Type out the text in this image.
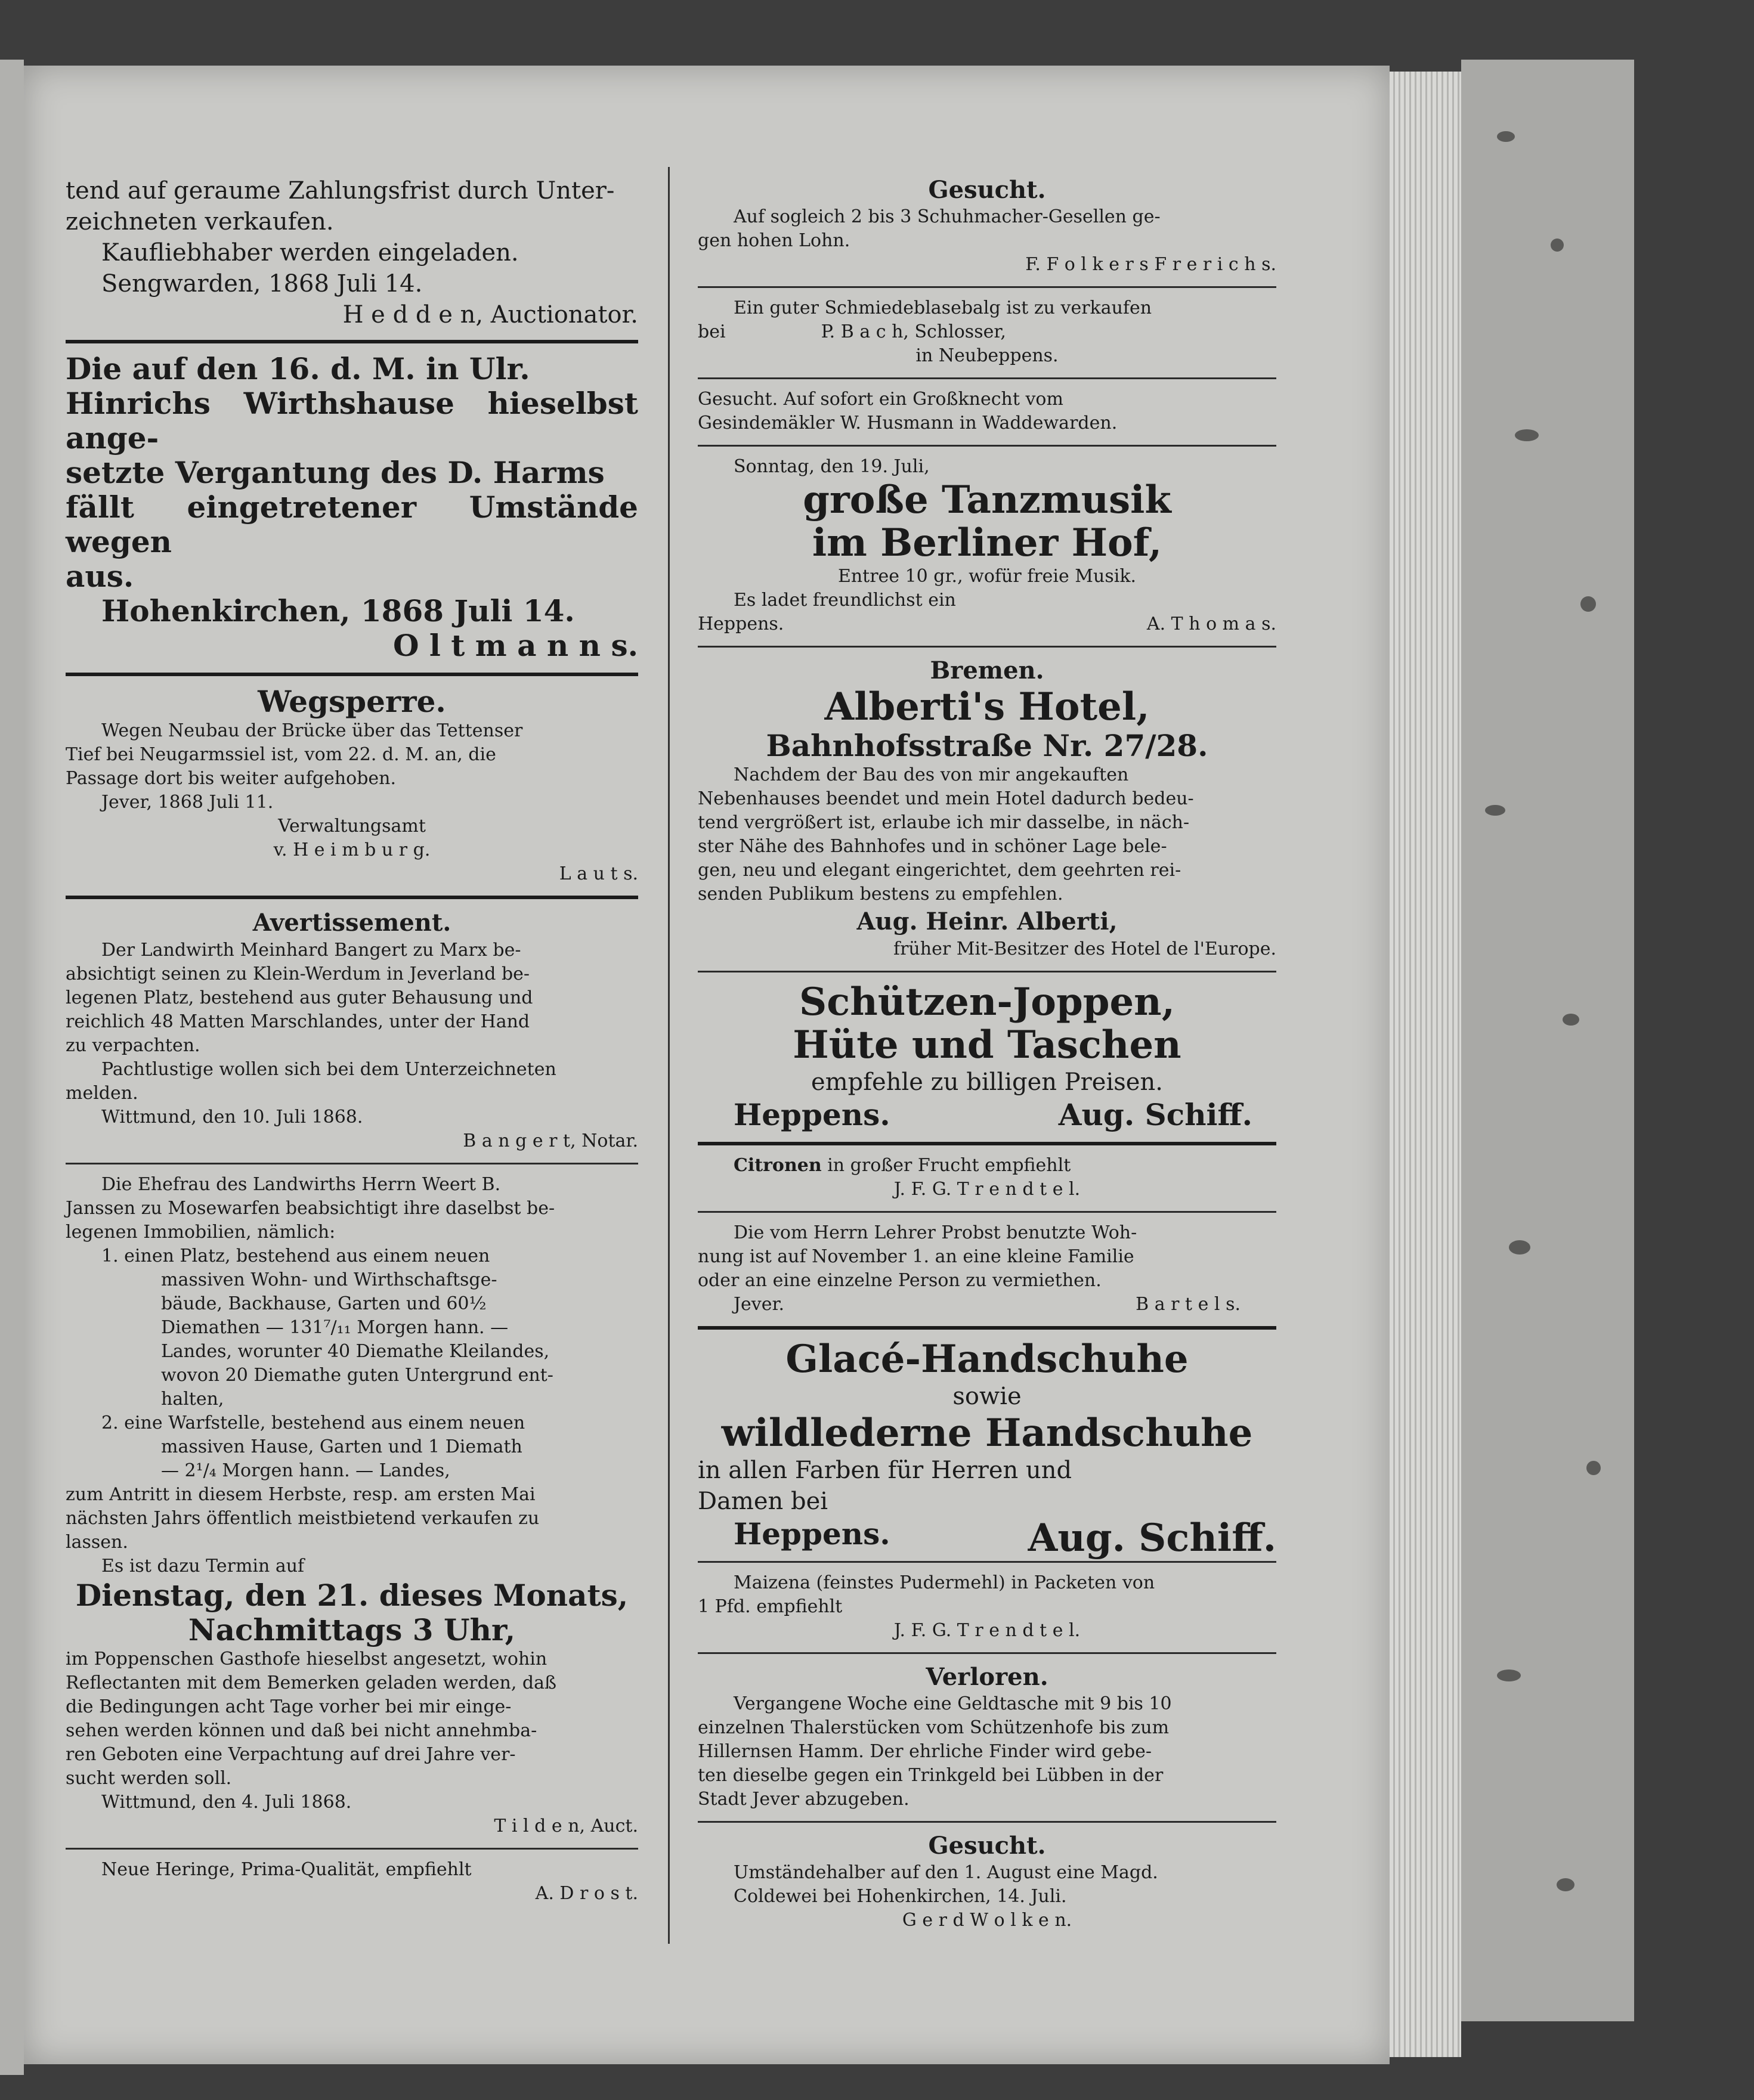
tend auf geraume Zahlungsfrist durch Unter-

zeichneten verkaufen.

Kaufliebhaber werden eingeladen.

Sengwarden, 1868 Juli 14.

H e d d e n, Auctionator.

Die auf den 16. d. M. in Ulr.

Hinrichs Wirthshause hieselbst ange-

setzte Vergantung des D. Harms

fällt eingetretener Umstände wegen

aus.

Hohenkirchen, 1868 Juli 14.

O l t m a n n s.

Wegsperre.

Wegen Neubau der Brücke über das Tettenser

Tief bei Neugarmssiel ist, vom 22. d. M. an, die

Passage dort bis weiter aufgehoben.

Jever, 1868 Juli 11.

Verwaltungsamt

v. H e i m b u r g.

L a u t s.

Avertissement.

Der Landwirth Meinhard Bangert zu Marx be-

absichtigt seinen zu Klein-Werdum in Jeverland be-

legenen Platz, bestehend aus guter Behausung und

reichlich 48 Matten Marschlandes, unter der Hand

zu verpachten.

Pachtlustige wollen sich bei dem Unterzeichneten

melden.

Wittmund, den 10. Juli 1868.

B a n g e r t, Notar.

Die Ehefrau des Landwirths Herrn Weert B.

Janssen zu Mosewarfen beabsichtigt ihre daselbst be-

legenen Immobilien, nämlich:

1. einen Platz, bestehend aus einem neuen

massiven Wohn- und Wirthschaftsge-

bäude, Backhause, Garten und 60½

Diemathen — 131⁷/₁₁ Morgen hann. —

Landes, worunter 40 Diemathe Kleilandes,

wovon 20 Diemathe guten Untergrund ent-

halten,

2. eine Warfstelle, bestehend aus einem neuen

massiven Hause, Garten und 1 Diemath

— 2¹/₄ Morgen hann. — Landes,

zum Antritt in diesem Herbste, resp. am ersten Mai

nächsten Jahrs öffentlich meistbietend verkaufen zu

lassen.

Es ist dazu Termin auf

Dienstag, den 21. dieses Monats,

Nachmittags 3 Uhr,

im Poppenschen Gasthofe hieselbst angesetzt, wohin

Reflectanten mit dem Bemerken geladen werden, daß

die Bedingungen acht Tage vorher bei mir einge-

sehen werden können und daß bei nicht annehmba-

ren Geboten eine Verpachtung auf drei Jahre ver-

sucht werden soll.

Wittmund, den 4. Juli 1868.

T i l d e n, Auct.

Neue Heringe, Prima-Qualität, empfiehlt

A. D r o s t.

Gesucht.

Auf sogleich 2 bis 3 Schuhmacher-Gesellen ge-

gen hohen Lohn.

F. F o l k e r s F r e r i c h s.

Ein guter Schmiedeblasebalg ist zu verkaufen

bei	P. B a c h, Schlosser,

in Neubeppens.

Gesucht. Auf sofort ein Großknecht vom

Gesindemäkler W. Husmann in Waddewarden.

Sonntag, den 19. Juli,

große Tanzmusik

im Berliner Hof,

Entree 10 gr., wofür freie Musik.

Es ladet freundlichst ein

Heppens.	A. T h o m a s.

Bremen.

Alberti's Hotel,

Bahnhofsstraße Nr. 27/28.

Nachdem der Bau des von mir angekauften

Nebenhauses beendet und mein Hotel dadurch bedeu-

tend vergrößert ist, erlaube ich mir dasselbe, in näch-

ster Nähe des Bahnhofes und in schöner Lage bele-

gen, neu und elegant eingerichtet, dem geehrten rei-

senden Publikum bestens zu empfehlen.

Aug. Heinr. Alberti,

früher Mit-Besitzer des Hotel de l'Europe.

Schützen-Joppen,

Hüte und Taschen

empfehle zu billigen Preisen.

Heppens.	Aug. Schiff.

Citronen in großer Frucht empfiehlt

J. F. G. T r e n d t e l.

Die vom Herrn Lehrer Probst benutzte Woh-

nung ist auf November 1. an eine kleine Familie

oder an eine einzelne Person zu vermiethen.

Jever.	B a r t e l s.

Glacé-Handschuhe

sowie

wildlederne Handschuhe

in allen Farben für Herren und

Damen bei

Heppens.	Aug. Schiff.

Maizena (feinstes Pudermehl) in Packeten von

1 Pfd. empfiehlt

J. F. G. T r e n d t e l.

Verloren.

Vergangene Woche eine Geldtasche mit 9 bis 10

einzelnen Thalerstücken vom Schützenhofe bis zum

Hillernsen Hamm. Der ehrliche Finder wird gebe-

ten dieselbe gegen ein Trinkgeld bei Lübben in der

Stadt Jever abzugeben.

Gesucht.

Umständehalber auf den 1. August eine Magd.

Coldewei bei Hohenkirchen, 14. Juli.

G e r d W o l k e n.
